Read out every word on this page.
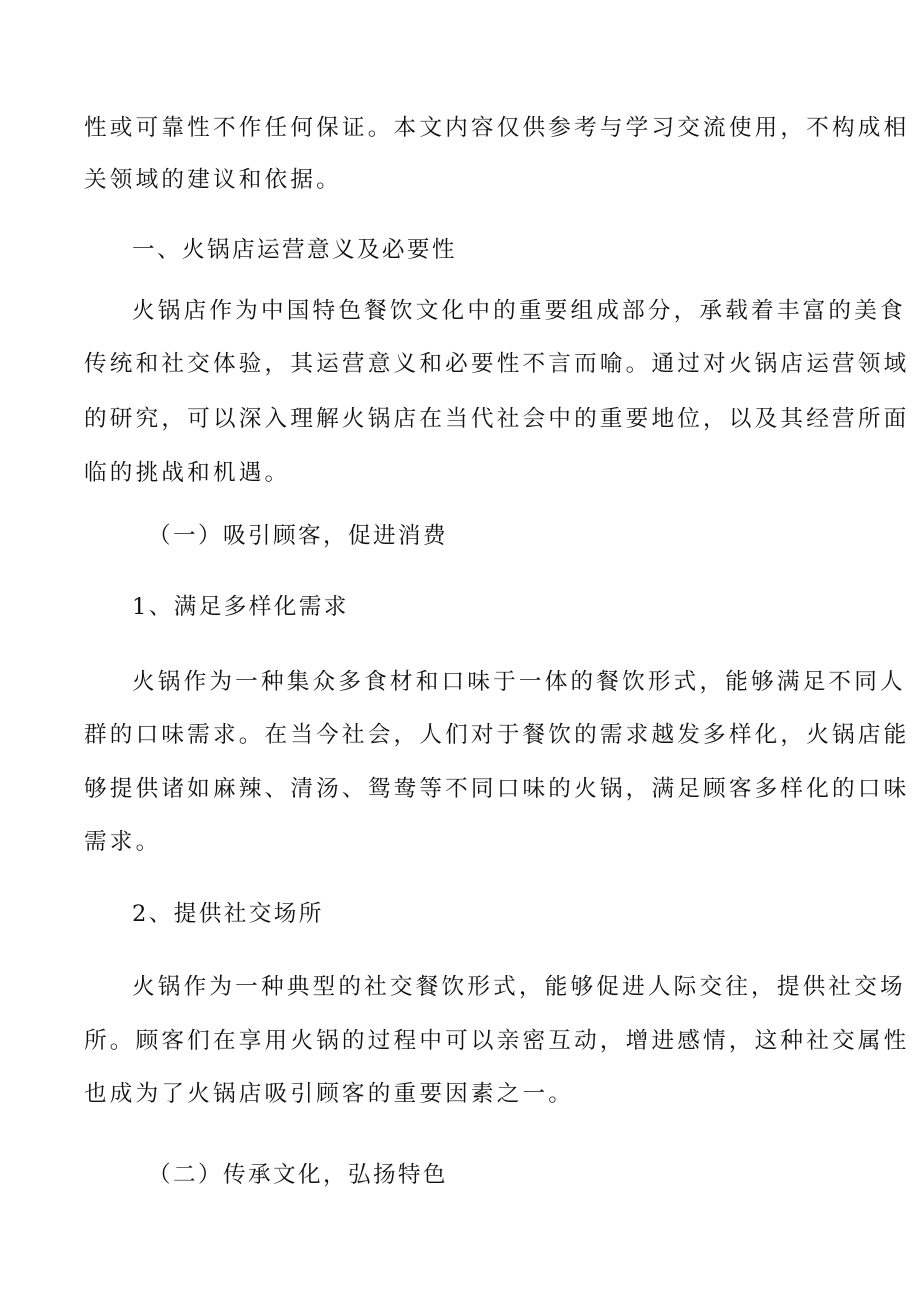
性或可靠性不作任何保证。本文内容仅供参考与学习交流使用，不构成相
关领域的建议和依据。
一、火锅店运营意义及必要性
火锅店作为中国特色餐饮文化中的重要组成部分，承载着丰富的美食
传统和社交体验，其运营意义和必要性不言而喻。通过对火锅店运营领域
的研究，可以深入理解火锅店在当代社会中的重要地位，以及其经营所面
临的挑战和机遇。
（一）吸引顾客，促进消费
1、满足多样化需求
火锅作为一种集众多食材和口味于一体的餐饮形式，能够满足不同人
群的口味需求。在当今社会，人们对于餐饮的需求越发多样化，火锅店能
够提供诸如麻辣、清汤、鸳鸯等不同口味的火锅，满足顾客多样化的口味
需求。
2、提供社交场所
火锅作为一种典型的社交餐饮形式，能够促进人际交往，提供社交场
所。顾客们在享用火锅的过程中可以亲密互动，增进感情，这种社交属性
也成为了火锅店吸引顾客的重要因素之一。
（二）传承文化，弘扬特色
